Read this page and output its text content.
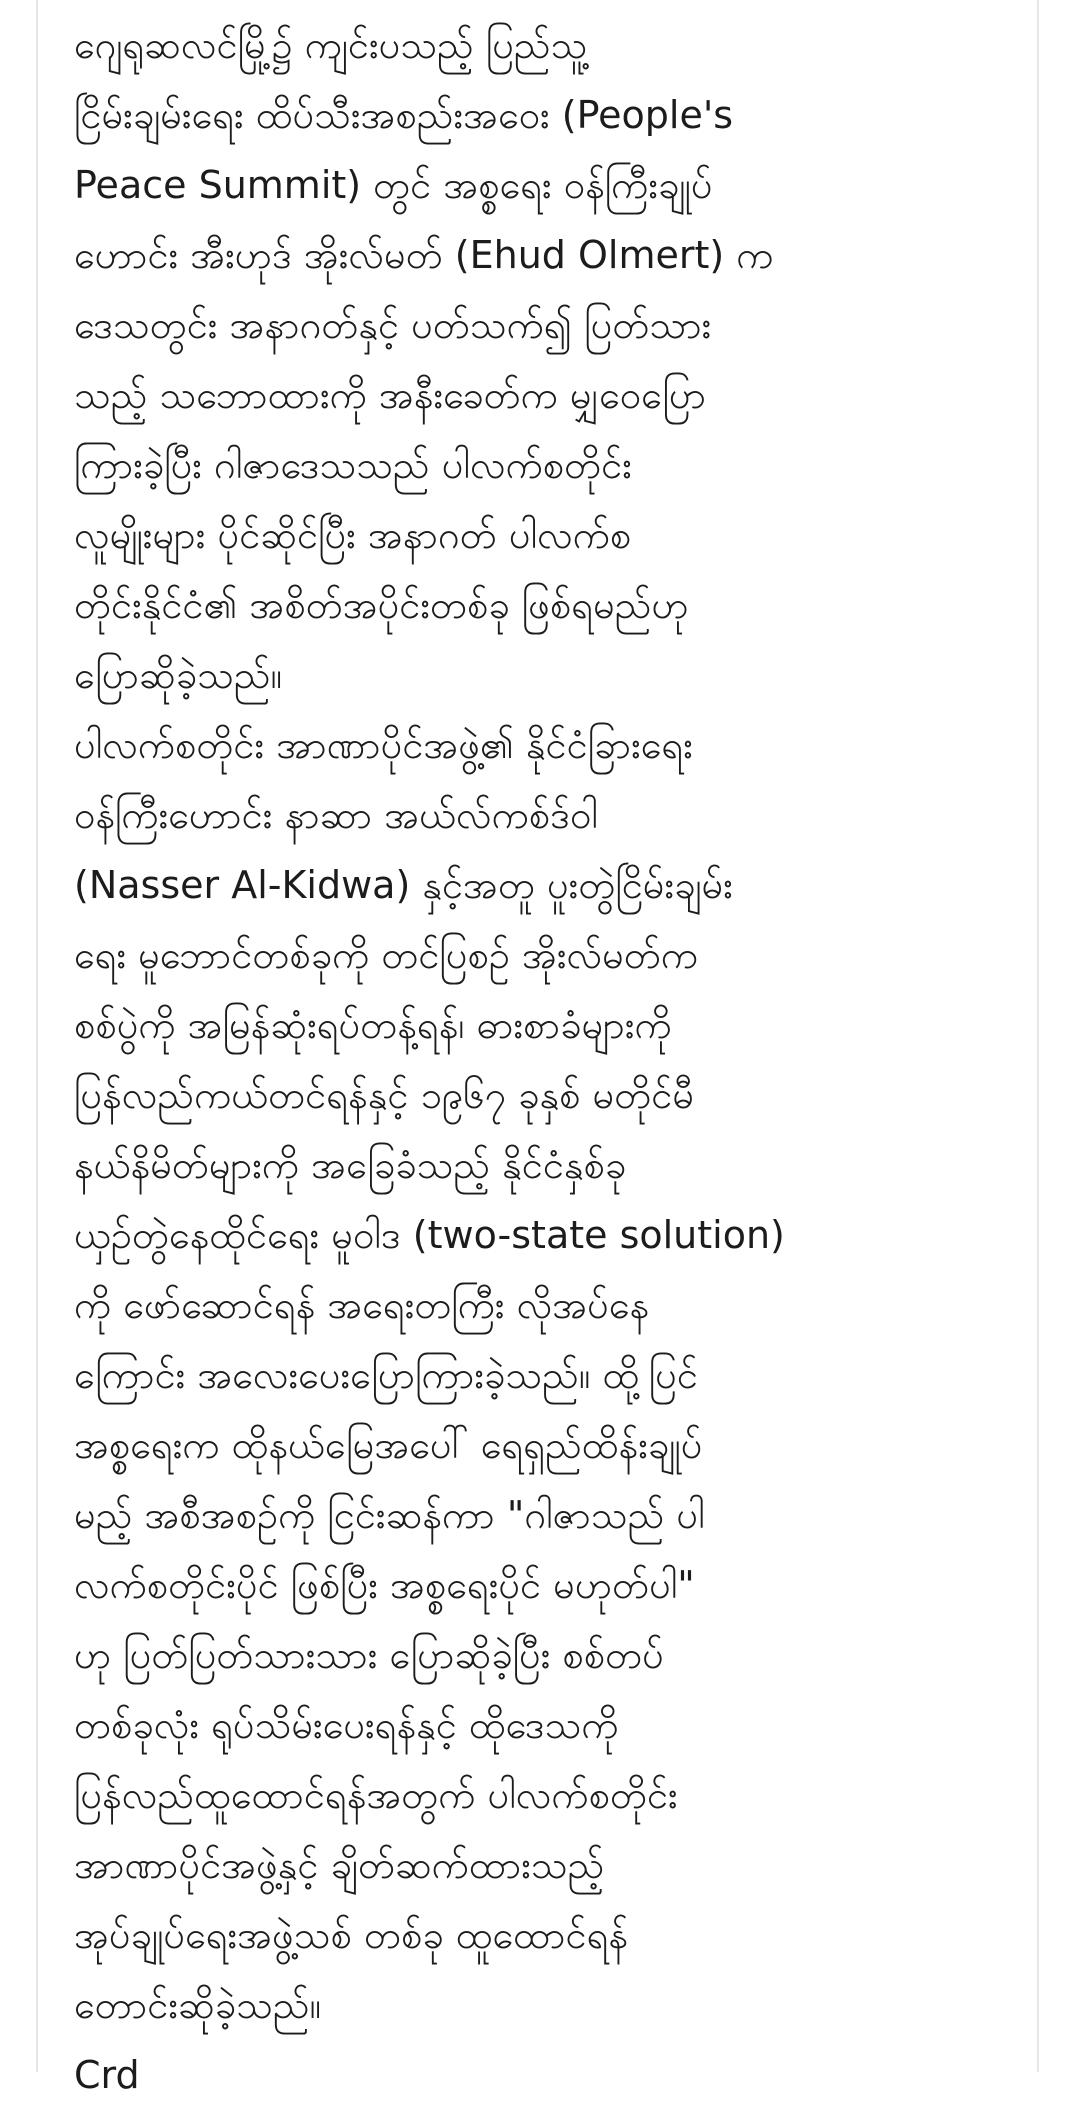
ဂျေရုဆလင်မြို့၌ ကျင်းပသည့် ပြည်သူ့
ငြိမ်းချမ်းရေး ထိပ်သီးအစည်းအဝေး (People's
Peace Summit) တွင် အစ္စရေး ဝန်ကြီးချုပ်
ဟောင်း အီးဟုဒ် အိုးလ်မတ် (Ehud Olmert) က
ဒေသတွင်း အနာဂတ်နှင့် ပတ်သက်၍ ပြတ်သား
သည့် သဘောထားကို အနီးခေတ်က မျှဝေပြော
ကြားခဲ့ပြီး ဂါဇာဒေသသည် ပါလက်စတိုင်း
လူမျိုးများ ပိုင်ဆိုင်ပြီး အနာဂတ် ပါလက်စ
တိုင်းနိုင်ငံ၏ အစိတ်အပိုင်းတစ်ခု ဖြစ်ရမည်ဟု
ပြောဆိုခဲ့သည်။
ပါလက်စတိုင်း အာဏာပိုင်အဖွဲ့၏ နိုင်ငံခြားရေး
ဝန်ကြီးဟောင်း နာဆာ အယ်လ်ကစ်ဒ်ဝါ
(Nasser Al-Kidwa) နှင့်အတူ ပူးတွဲငြိမ်းချမ်း
ရေး မူဘောင်တစ်ခုကို တင်ပြစဉ် အိုးလ်မတ်က
စစ်ပွဲကို အမြန်ဆုံးရပ်တန့်ရန်၊ ဓားစာခံများကို
ပြန်လည်ကယ်တင်ရန်နှင့် ၁၉၆၇ ခုနှစ် မတိုင်မီ
နယ်နိမိတ်များကို အခြေခံသည့် နိုင်ငံနှစ်ခု
ယှဉ်တွဲနေထိုင်ရေး မူဝါဒ (two-state solution)
ကို ဖော်ဆောင်ရန် အရေးတကြီး လိုအပ်နေ
ကြောင်း အလေးပေးပြောကြားခဲ့သည်။ ထို့ပြင်
အစ္စရေးက ထိုနယ်မြေအပေါ် ရေရှည်ထိန်းချုပ်
မည့် အစီအစဉ်ကို ငြင်းဆန်ကာ "ဂါဇာသည် ပါ
လက်စတိုင်းပိုင် ဖြစ်ပြီး အစ္စရေးပိုင် မဟုတ်ပါ"
ဟု ပြတ်ပြတ်သားသား ပြောဆိုခဲ့ပြီး စစ်တပ်
တစ်ခုလုံး ရုပ်သိမ်းပေးရန်နှင့် ထိုဒေသကို
ပြန်လည်ထူထောင်ရန်အတွက် ပါလက်စတိုင်း
အာဏာပိုင်အဖွဲ့နှင့် ချိတ်ဆက်ထားသည့်
အုပ်ချုပ်ရေးအဖွဲ့သစ် တစ်ခု ထူထောင်ရန်
တောင်းဆိုခဲ့သည်။
Crd
